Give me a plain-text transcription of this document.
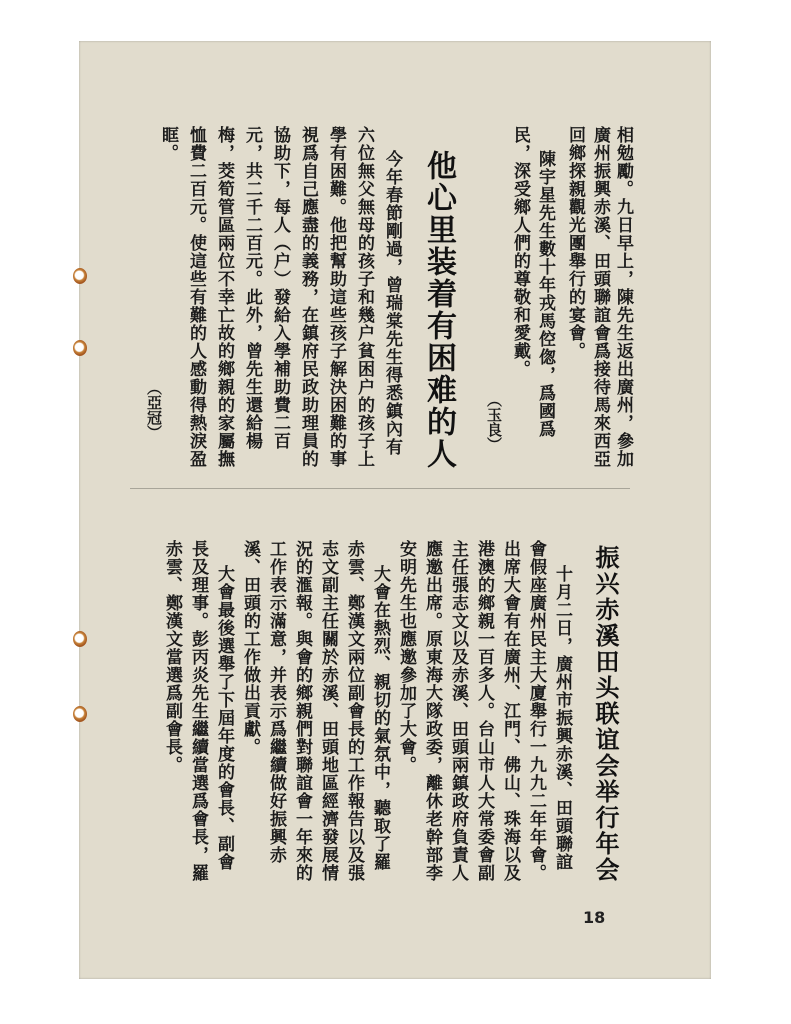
廣州振興赤溪、田頭聯誼會爲接待馬來西亞
回鄉探親觀光團舉行的宴會。
陳宇星先生數十年戎馬倥偬，爲國爲
民，深受鄉人們的尊敬和愛戴。
（玉良）	相勉勵。九日早上，陳先生返出廣州，參加
他心里装着有困难的人
今年春節剛過，曾瑞棠先生得悉鎮內有
六位無父無母的孩子和幾户貧困户的孩子上
學有困難。他把幫助這些孩子解決困難的事
視爲自己應盡的義務，在鎮府民政助理員的
協助下，每人（户）發給入學補助費二百
元，共二千二百元。此外，曾先生還給楊
梅，茭筍管區兩位不幸亡故的鄉親的家屬撫
恤費二百元。使這些有難的人感動得熱淚盈
眶。
（亞冠）
振兴赤溪田头联谊会举行年会
十月二日，廣州市振興赤溪、田頭聯誼
會假座廣州民主大廈舉行一九九二年年會。
出席大會有在廣州、江門、佛山、珠海以及
港澳的鄉親一百多人。台山市人大常委會副
主任張志文以及赤溪、田頭兩鎮政府負責人
應邀出席。原東海大隊政委，離休老幹部李
安明先生也應邀參加了大會。
大會在熱烈、親切的氣氛中，聽取了羅
赤雲、鄭漢文兩位副會長的工作報告以及張
志文副主任關於赤溪、田頭地區經濟發展情
況的滙報。與會的鄉親們對聯誼會一年來的
工作表示滿意，并表示爲繼續做好振興赤
溪、田頭的工作做出貢獻。
大會最後選舉了下屆年度的會長、副會
長及理事。彭丙炎先生繼續當選爲會長，羅
赤雲、鄭漢文當選爲副會長。
18
